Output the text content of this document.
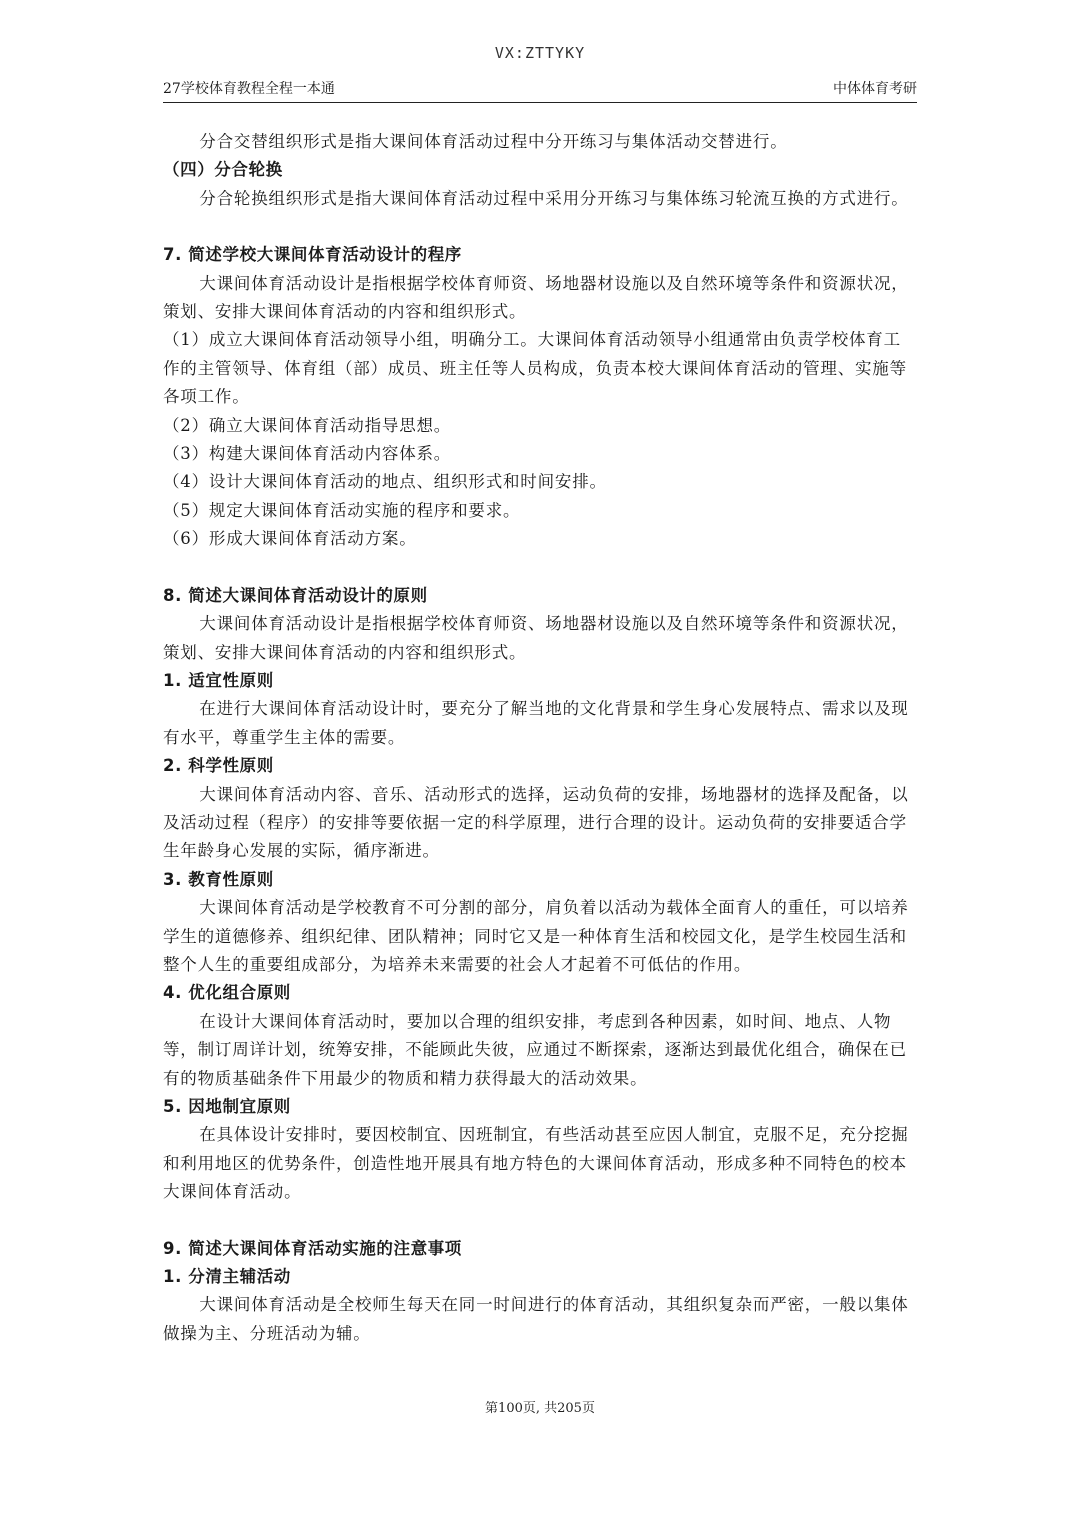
VX:ZTTYKY
27学校体育教程全程一本通	中体体育考研

分合交替组织形式是指大课间体育活动过程中分开练习与集体活动交替进行。

（四）分合轮换

分合轮换组织形式是指大课间体育活动过程中采用分开练习与集体练习轮流互换的方式进行。

7. 简述学校大课间体育活动设计的程序

大课间体育活动设计是指根据学校体育师资、场地器材设施以及自然环境等条件和资源状况，策划、安排大课间体育活动的内容和组织形式。

（1）成立大课间体育活动领导小组，明确分工。大课间体育活动领导小组通常由负责学校体育工作的主管领导、体育组（部）成员、班主任等人员构成，负责本校大课间体育活动的管理、实施等各项工作。

（2）确立大课间体育活动指导思想。

（3）构建大课间体育活动内容体系。

（4）设计大课间体育活动的地点、组织形式和时间安排。

（5）规定大课间体育活动实施的程序和要求。

（6）形成大课间体育活动方案。

8. 简述大课间体育活动设计的原则

大课间体育活动设计是指根据学校体育师资、场地器材设施以及自然环境等条件和资源状况，策划、安排大课间体育活动的内容和组织形式。

1. 适宜性原则

在进行大课间体育活动设计时，要充分了解当地的文化背景和学生身心发展特点、需求以及现有水平，尊重学生主体的需要。

2. 科学性原则

大课间体育活动内容、音乐、活动形式的选择，运动负荷的安排，场地器材的选择及配备，以及活动过程（程序）的安排等要依据一定的科学原理，进行合理的设计。运动负荷的安排要适合学生年龄身心发展的实际，循序渐进。

3. 教育性原则

大课间体育活动是学校教育不可分割的部分，肩负着以活动为载体全面育人的重任，可以培养学生的道德修养、组织纪律、团队精神；同时它又是一种体育生活和校园文化，是学生校园生活和整个人生的重要组成部分，为培养未来需要的社会人才起着不可低估的作用。

4. 优化组合原则

在设计大课间体育活动时，要加以合理的组织安排，考虑到各种因素，如时间、地点、人物等，制订周详计划，统筹安排，不能顾此失彼，应通过不断探索，逐渐达到最优化组合，确保在已有的物质基础条件下用最少的物质和精力获得最大的活动效果。

5. 因地制宜原则

在具体设计安排时，要因校制宜、因班制宜，有些活动甚至应因人制宜，克服不足，充分挖掘和利用地区的优势条件，创造性地开展具有地方特色的大课间体育活动，形成多种不同特色的校本大课间体育活动。

9. 简述大课间体育活动实施的注意事项

1. 分清主辅活动

大课间体育活动是全校师生每天在同一时间进行的体育活动，其组织复杂而严密，一般以集体做操为主、分班活动为辅。

第100页, 共205页
